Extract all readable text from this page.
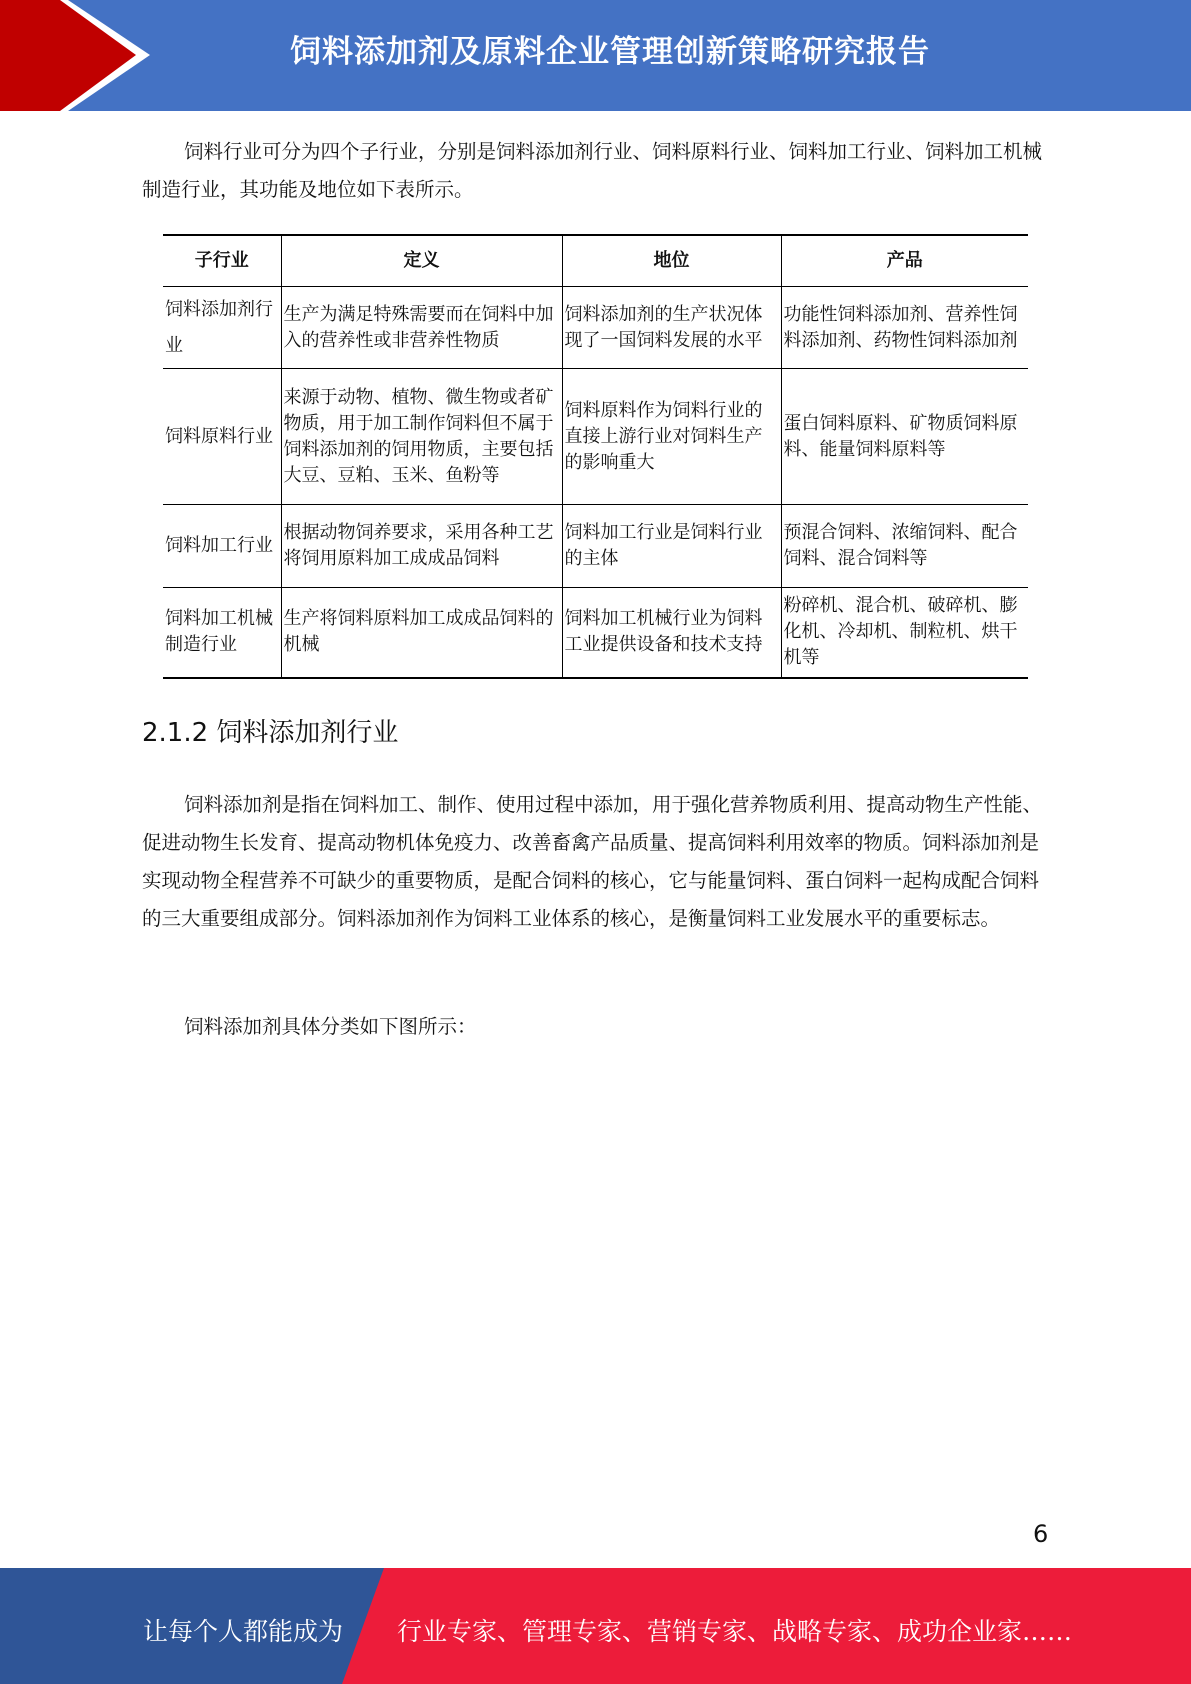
饲料添加剂及原料企业管理创新策略研究报告

饲料行业可分为四个子行业，分别是饲料添加剂行业、饲料原料行业、饲料加工行业、饲料加工机械制造行业，其功能及地位如下表所示。

子行业	定义	地位	产品
饲料添加剂行业	生产为满足特殊需要而在饲料中加入的营养性或非营养性物质	饲料添加剂的生产状况体现了一国饲料发展的水平	功能性饲料添加剂、营养性饲料添加剂、药物性饲料添加剂
饲料原料行业	来源于动物、植物、微生物或者矿物质，用于加工制作饲料但不属于饲料添加剂的饲用物质，主要包括大豆、豆粕、玉米、鱼粉等	饲料原料作为饲料行业的直接上游行业对饲料生产的影响重大	蛋白饲料原料、矿物质饲料原料、能量饲料原料等
饲料加工行业	根据动物饲养要求，采用各种工艺将饲用原料加工成成品饲料	饲料加工行业是饲料行业的主体	预混合饲料、浓缩饲料、配合饲料、混合饲料等
饲料加工机械制造行业	生产将饲料原料加工成成品饲料的机械	饲料加工机械行业为饲料工业提供设备和技术支持	粉碎机、混合机、破碎机、膨化机、冷却机、制粒机、烘干机等
2.1.2 饲料添加剂行业

饲料添加剂是指在饲料加工、制作、使用过程中添加，用于强化营养物质利用、提高动物生产性能、促进动物生长发育、提高动物机体免疫力、改善畜禽产品质量、提高饲料利用效率的物质。饲料添加剂是实现动物全程营养不可缺少的重要物质，是配合饲料的核心，它与能量饲料、蛋白饲料一起构成配合饲料的三大重要组成部分。饲料添加剂作为饲料工业体系的核心，是衡量饲料工业发展水平的重要标志。

饲料添加剂具体分类如下图所示：

6
让每个人都能成为 行业专家、管理专家、营销专家、战略专家、成功企业家……
